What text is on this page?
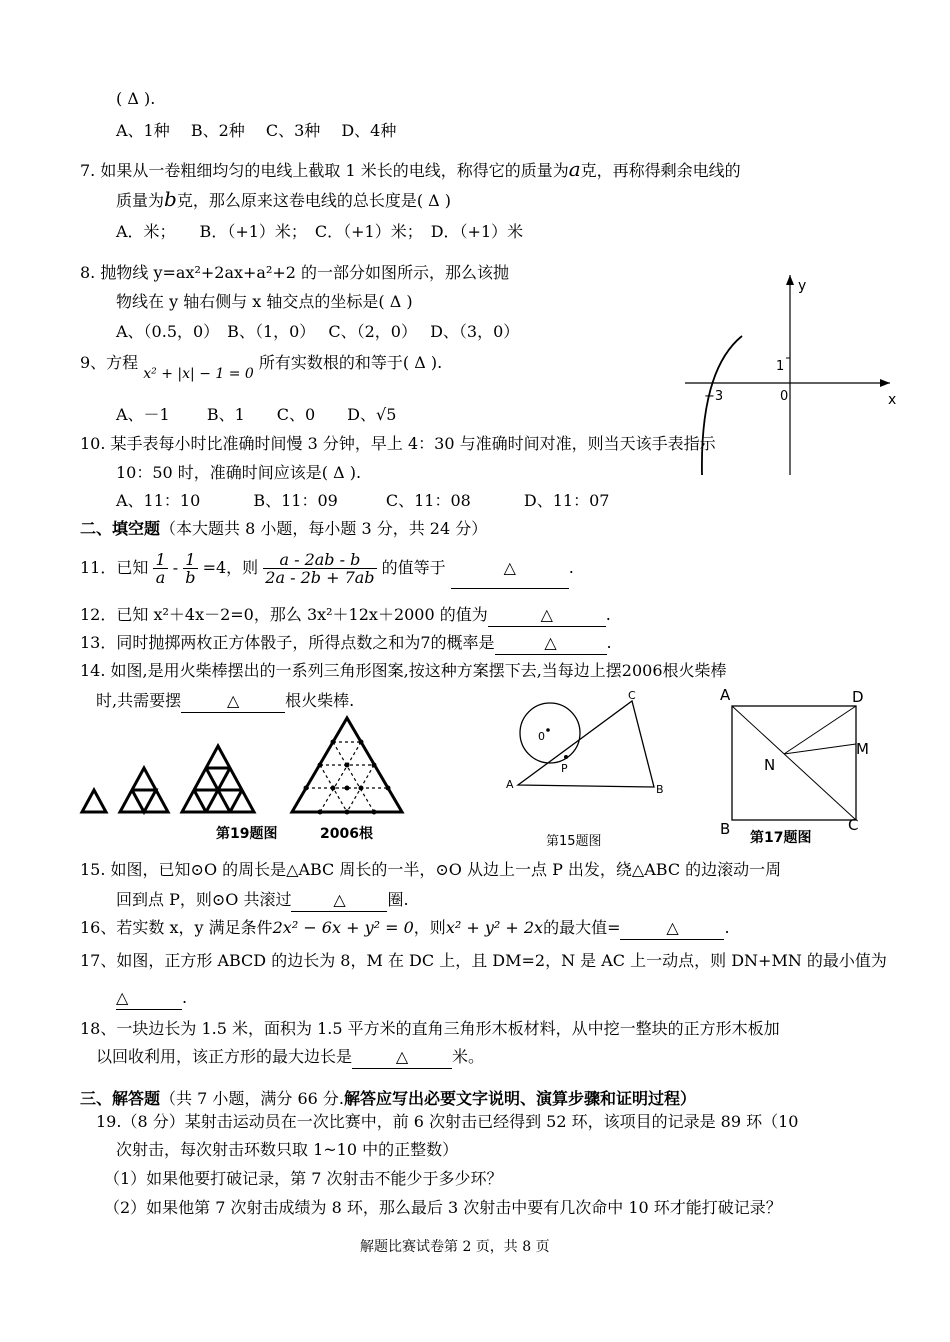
( Δ ).
A、1种　 B、2种　 C、3种　 D、4种
7. 如果从一卷粗细均匀的电线上截取 1 米长的电线，称得它的质量为a克，再称得剩余电线的
质量为b克，那么原来这卷电线的总长度是( Δ )
A．米；　　B．（+1）米；　C．（+1）米；　D．（+1）米
8. 抛物线 y=ax²+2ax+a²+2 的一部分如图所示，那么该抛
物线在 y 轴右侧与 x 轴交点的坐标是( Δ )
A、（0.5，0）　B、（1，0）　 C、（2，0）　 D、（3，0）
9、方程 x² + |x| − 1 = 0 所有实数根的和等于( Δ ).
A、－1　　 B、1　　C、0　　D、√5
y
x
1
0
−3
10. 某手表每小时比准确时间慢 3 分钟，早上 4：30 与准确时间对准，则当天该手表指示
10：50 时，准确时间应该是( Δ ).
A、11：10　　　 B、11：09　　　C、11：08　　　 D、11：07
二、填空题（本大题共 8 小题，每小题 3 分，共 24 分）
11．已知 $\frac{1}{a} - \frac{1}{b} =4$，则 $\frac{a - 2ab - b}{2a - 2b + 7ab}$ 的值等于	△	.
12．已知 x²＋4x－2=0，那么 3x²＋12x＋2000 的值为	△	.
13．同时抛掷两枚正方体骰子，所得点数之和为7的概率是	△	.
14. 如图,是用火柴棒摆出的一系列三角形图案,按这种方案摆下去,当每边上摆2006根火柴棒
时,共需要摆	△	根火柴棒.
第19题图	2006根
0
P
A	B
C
第15题图
A	D
M
N
B	C
第17题图
15. 如图，已知⊙O 的周长是△ABC 周长的一半，⊙O 从边上一点 P 出发，绕△ABC 的边滚动一周
回到点 P，则⊙O 共滚过	△	圈.
16、若实数 x，y 满足条件2x² − 6x + y² = 0，则x² + y² + 2x的最大值=	△	.
17、如图，正方形 ABCD 的边长为 8，M 在 DC 上，且 DM=2，N 是 AC 上一动点，则 DN+MN 的最小值为
△	.
18、一块边长为 1.5 米，面积为 1.5 平方米的直角三角形木板材料，从中挖一整块的正方形木板加
以回收利用，该正方形的最大边长是	△	米。
三、解答题（共 7 小题，满分 66 分.解答应写出必要文字说明、演算步骤和证明过程）
19.（8 分）某射击运动员在一次比赛中，前 6 次射击已经得到 52 环，该项目的记录是 89 环（10
次射击，每次射击环数只取 1~10 中的正整数）
（1）如果他要打破记录，第 7 次射击不能少于多少环？
（2）如果他第 7 次射击成绩为 8 环，那么最后 3 次射击中要有几次命中 10 环才能打破记录？
解题比赛试卷第 2 页，共 8 页
